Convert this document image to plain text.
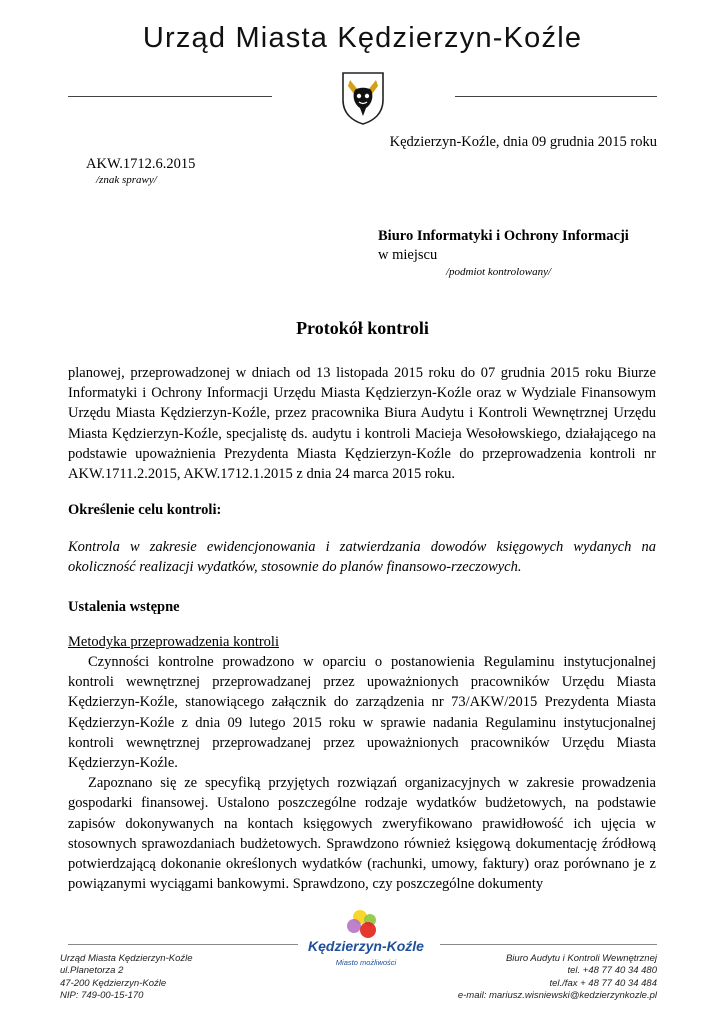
Urząd Miasta Kędzierzyn-Koźle
Kędzierzyn-Koźle, dnia 09 grudnia 2015 roku
AKW.1712.6.2015
/znak sprawy/
Biuro Informatyki i Ochrony Informacji
w miejscu
/podmiot kontrolowany/
Protokół kontroli

planowej, przeprowadzonej w dniach od 13 listopada 2015 roku do 07 grudnia 2015 roku Biurze Informatyki i Ochrony Informacji Urzędu Miasta Kędzierzyn-Koźle oraz w Wydziale Finansowym Urzędu Miasta Kędzierzyn-Koźle, przez pracownika Biura Audytu i Kontroli Wewnętrznej Urzędu Miasta Kędzierzyn-Koźle, specjalistę ds. audytu i kontroli Macieja Wesołowskiego, działającego na podstawie upoważnienia Prezydenta Miasta Kędzierzyn-Koźle do przeprowadzenia kontroli nr AKW.1711.2.2015, AKW.1712.1.2015 z dnia 24 marca 2015 roku.

Określenie celu kontroli:

Kontrola w zakresie ewidencjonowania i zatwierdzania dowodów księgowych wydanych na okoliczność realizacji wydatków, stosownie do planów finansowo-rzeczowych.

Ustalenia wstępne
Metodyka przeprowadzenia kontroli

Czynności kontrolne prowadzono w oparciu o postanowienia Regulaminu instytucjonalnej kontroli wewnętrznej przeprowadzanej przez upoważnionych pracowników Urzędu Miasta Kędzierzyn-Koźle, stanowiącego załącznik do zarządzenia nr 73/AKW/2015 Prezydenta Miasta Kędzierzyn-Koźle z dnia 09 lutego 2015 roku w sprawie nadania Regulaminu instytucjonalnej kontroli wewnętrznej przeprowadzanej przez upoważnionych pracowników Urzędu Miasta Kędzierzyn-Koźle.

Zapoznano się ze specyfiką przyjętych rozwiązań organizacyjnych w zakresie prowadzenia gospodarki finansowej. Ustalono poszczególne rodzaje wydatków budżetowych, na podstawie zapisów dokonywanych na kontach księgowych zweryfikowano prawidłowość ich ujęcia w stosownych sprawozdaniach budżetowych. Sprawdzono również księgową dokumentację źródłową potwierdzającą dokonanie określonych wydatków (rachunki, umowy, faktury) oraz porównano je z powiązanymi wyciągami bankowymi. Sprawdzono, czy poszczególne dokumenty

Urząd Miasta Kędzierzyn-Koźle
ul.Planetorza 2
47-200 Kędzierzyn-Koźle
NIP: 749-00-15-170
Kędzierzyn-Koźle
Miasto możliwości	Biuro Audytu i Kontroli Wewnętrznej
tel. +48 77 40 34 480
tel./fax + 48 77 40 34 484
e-mail: mariusz.wisniewski@kedzierzynkozle.pl
